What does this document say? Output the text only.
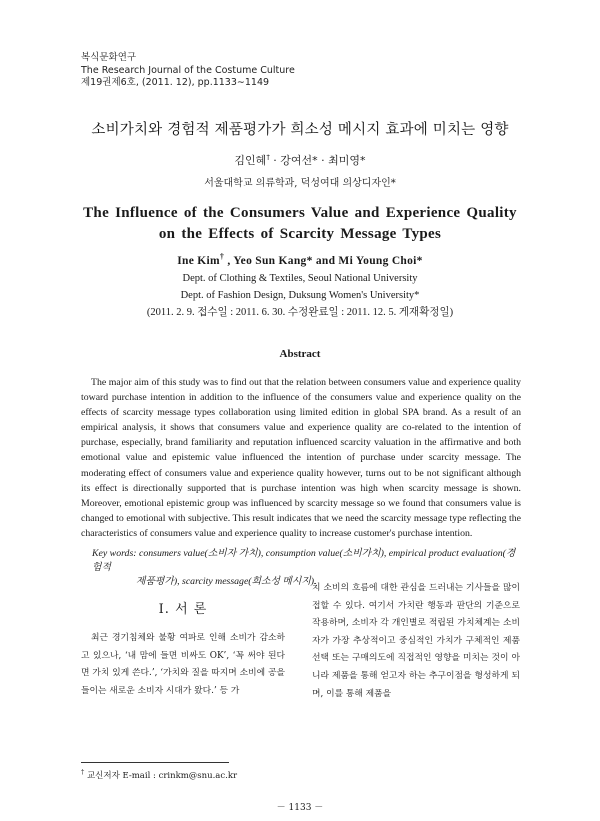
복식문화연구
The Research Journal of the Costume Culture
제19권제6호, (2011. 12), pp.1133∼1149
소비가치와 경험적 제품평가가 희소성 메시지 효과에 미치는 영향
김인혜† · 강여선* · 최미영*
서울대학교 의류학과, 덕성여대 의상디자인*
The Influence of the Consumers Value and Experience Quality
on the Effects of Scarcity Message Types
Ine Kim† , Yeo Sun Kang* and Mi Young Choi*
Dept. of Clothing & Textiles, Seoul National University
Dept. of Fashion Design, Duksung Women's University*
(2011. 2. 9. 접수일 : 2011. 6. 30. 수정완료일 : 2011. 12. 5. 게재확정일)
Abstract

The major aim of this study was to find out that the relation between consumers value and experience quality toward purchase intention in addition to the influence of the consumers value and experience quality on the effects of scarcity message types collaboration using limited edition in global SPA brand. As a result of an empirical analysis, it shows that consumers value and experience quality are co-related to the intention of purchase, especially, brand familiarity and reputation influenced scarcity valuation in the affirmative and both emotional value and epistemic value influenced the intention of purchase under scarcity message. The moderating effect of consumers value and experience quality however, turns out to be not significant although its effect is directionally supported that is purchase intention was high when scarcity message is shown. Moreover, emotional epistemic group was influenced by scarcity message so we found that consumers value is changed to emotional with subjective. This result indicates that we need the scarcity message type reflecting the characteristics of consumers value and experience quality to increase customer's purchase intention.

Key words: consumers value(소비자 가치), consumption value(소비가치), empirical product evaluation(경험적
제품평가), scarcity message(희소성 메시지).

Ⅰ. 서 론

최근 경기침체와 불황 여파로 인해 소비가 감소하고 있으나, ‘내 맘에 들면 비싸도 OK’, ‘꼭 써야 된다면 가치 있게 쓴다.’, ‘가치와 질을 따지며 소비에 공을 들이는 새로운 소비자 시대가 왔다.’ 등 가

치 소비의 흐름에 대한 관심을 드러내는 기사들을 많이 접할 수 있다. 여기서 가치란 행동과 판단의 기준으로 작용하며, 소비자 각 개인별로 적립된 가치체계는 소비자가 가장 추상적이고 중심적인 가치가 구체적인 제품 선택 또는 구매의도에 직접적인 영향을 미치는 것이 아니라 제품을 통해 얻고자 하는 추구이점을 형성하게 되며, 이를 통해 제품을

† 교신저자 E-mail : crinkm@snu.ac.kr
－ 1133 －
